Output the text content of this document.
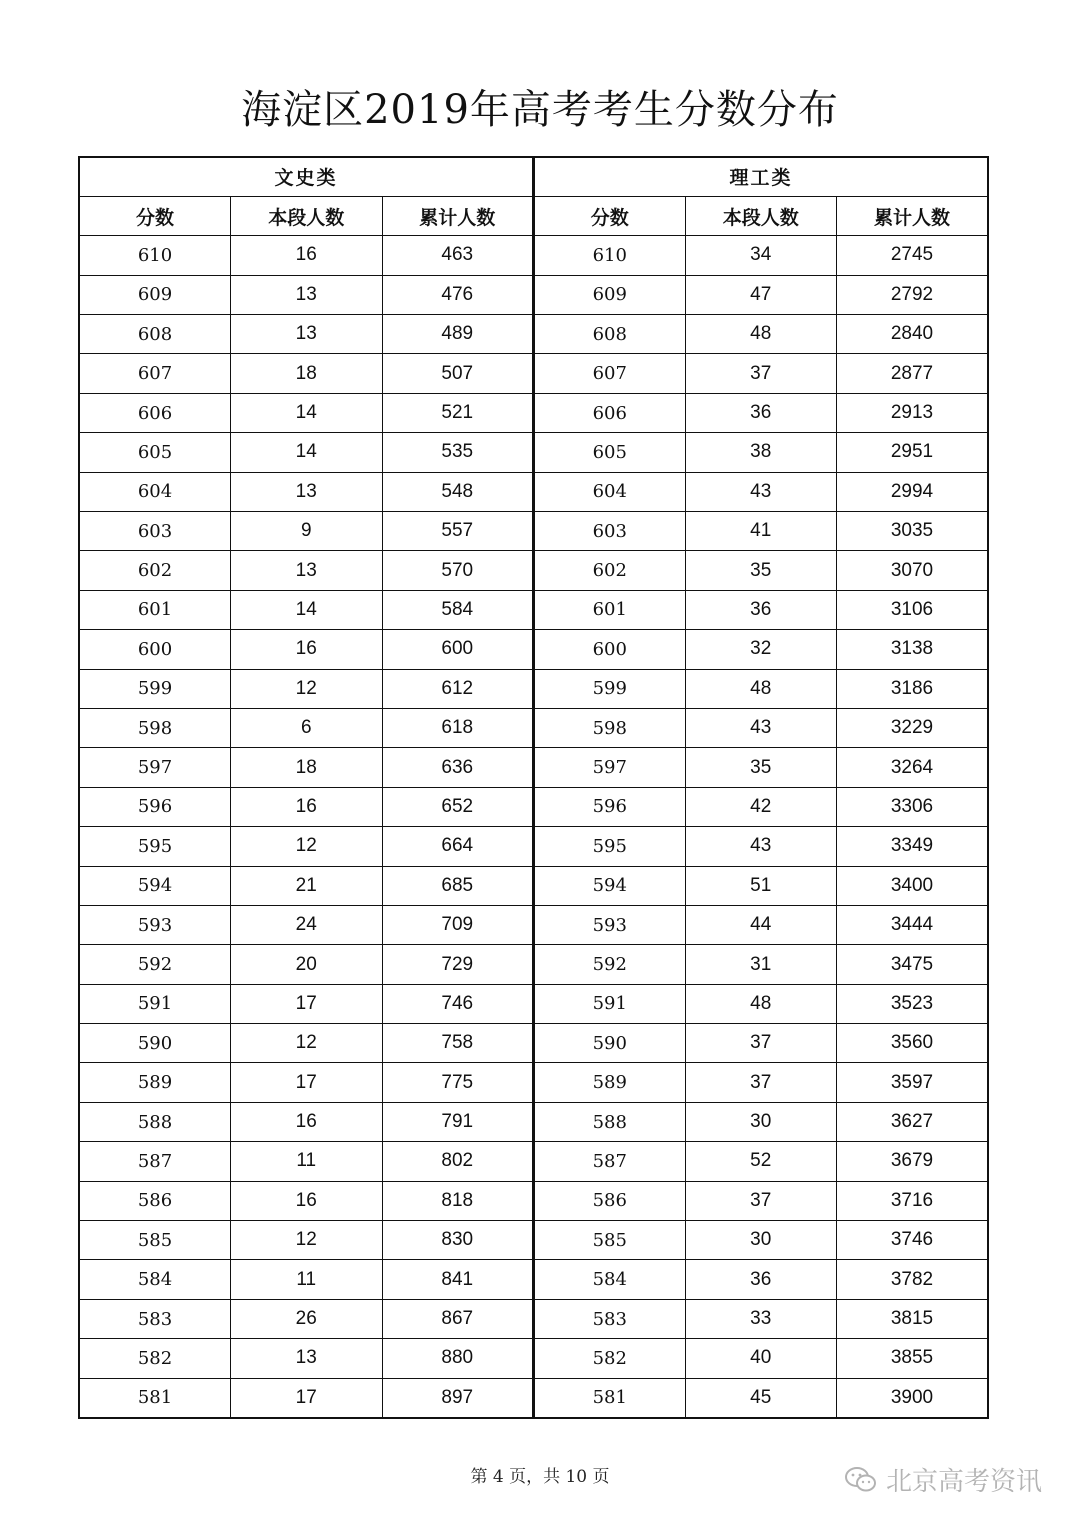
海淀区2019年高考考生分数分布
文史类			理工类		
分数	本段人数	累计人数	分数	本段人数	累计人数
610	16	463	610	34	2745
609	13	476	609	47	2792
608	13	489	608	48	2840
607	18	507	607	37	2877
606	14	521	606	36	2913
605	14	535	605	38	2951
604	13	548	604	43	2994
603	9	557	603	41	3035
602	13	570	602	35	3070
601	14	584	601	36	3106
600	16	600	600	32	3138
599	12	612	599	48	3186
598	6	618	598	43	3229
597	18	636	597	35	3264
596	16	652	596	42	3306
595	12	664	595	43	3349
594	21	685	594	51	3400
593	24	709	593	44	3444
592	20	729	592	31	3475
591	17	746	591	48	3523
590	12	758	590	37	3560
589	17	775	589	37	3597
588	16	791	588	30	3627
587	11	802	587	52	3679
586	16	818	586	37	3716
585	12	830	585	30	3746
584	11	841	584	36	3782
583	26	867	583	33	3815
582	13	880	582	40	3855
581	17	897	581	45	3900
第 4 页，共 10 页	北京高考资讯
